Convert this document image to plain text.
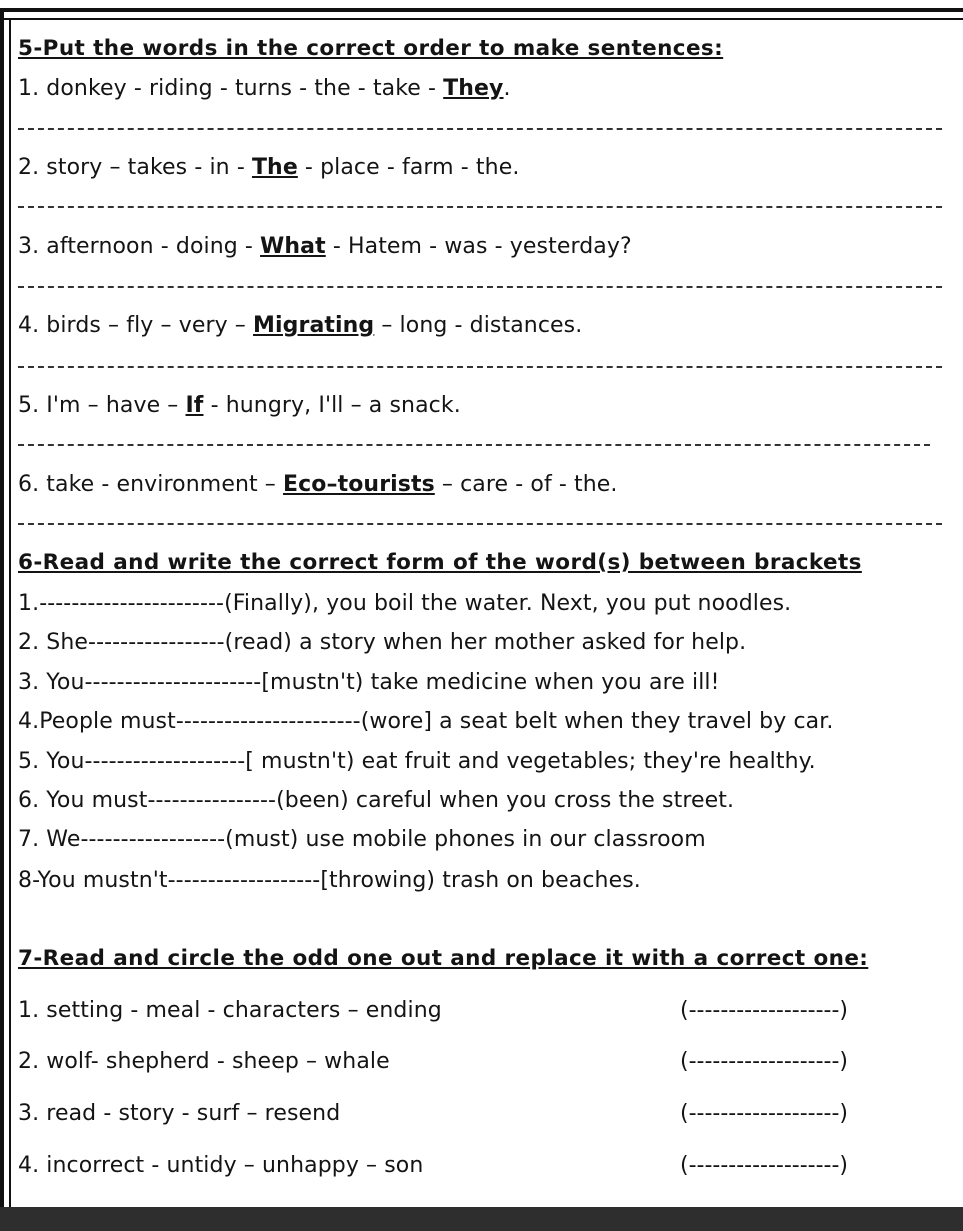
5-Put the words in the correct order to make sentences:
1. donkey - riding - turns - the - take - They.
2. story – takes - in - The - place - farm - the.
3. afternoon - doing - What - Hatem - was - yesterday?
4. birds – fly – very – Migrating – long - distances.
5. I'm – have – If - hungry, I'll – a snack.
6. take - environment – Eco–tourists – care - of - the.
6-Read and write the correct form of the word(s) between brackets
1.-----------------------(Finally), you boil the water. Next, you put noodles.
2. She-----------------(read) a story when her mother asked for help.
3. You----------------------[mustn't) take medicine when you are ill!
4.People must-----------------------(wore] a seat belt when they travel by car.
5. You--------------------[ mustn't) eat fruit and vegetables; they're healthy.
6. You must----------------(been) careful when you cross the street.
7. We------------------(must) use mobile phones in our classroom
8-You mustn't-------------------[throwing) trash on beaches.
7-Read and circle the odd one out and replace it with a correct one:
1. setting - meal - characters – ending	(-------------------)
2. wolf- shepherd - sheep – whale	(-------------------)
3. read - story - surf – resend	(-------------------)
4. incorrect - untidy – unhappy – son	(-------------------)
